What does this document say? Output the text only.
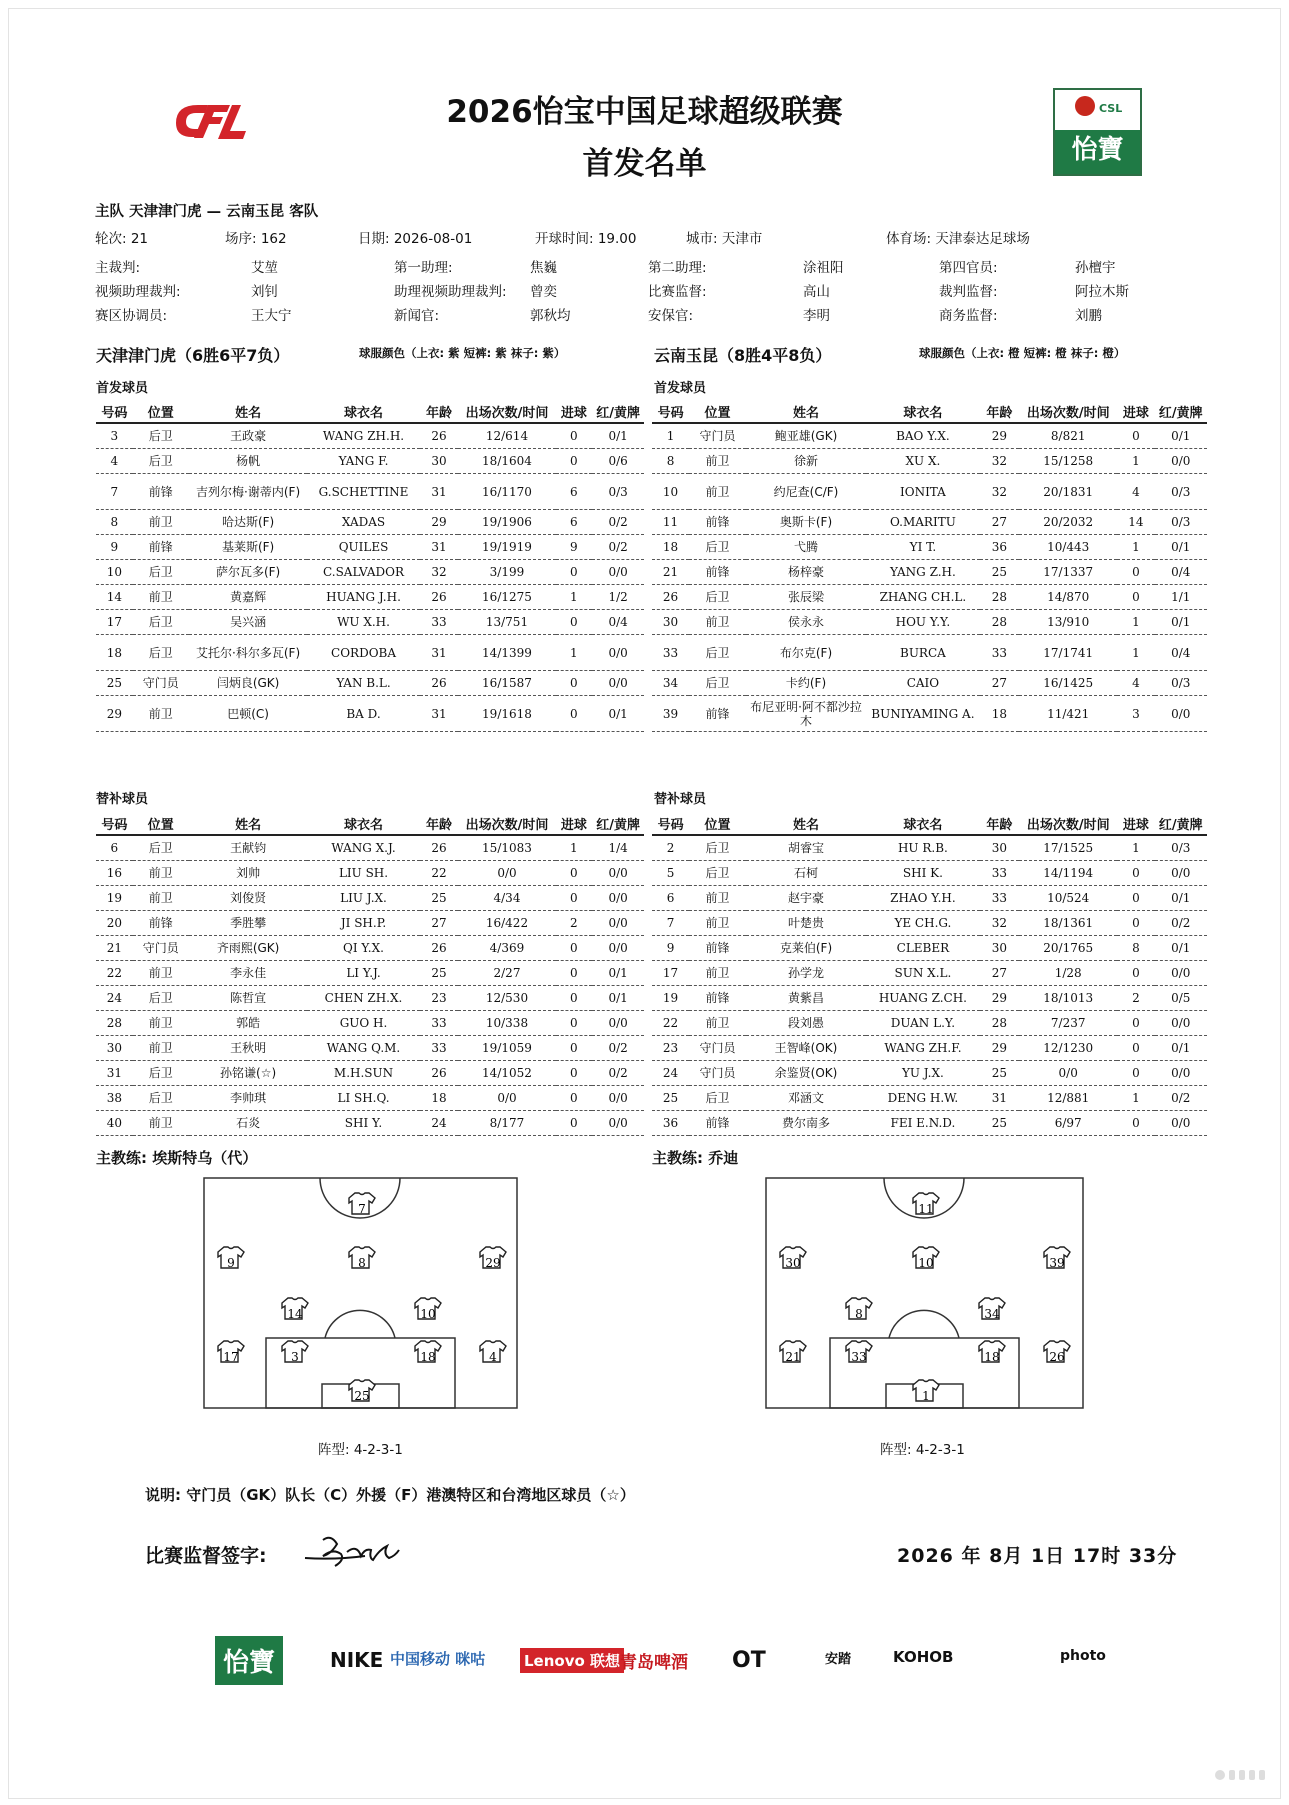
CSL
怡寶
2026怡宝中国足球超级联赛
首发名单
主队 天津津门虎 — 云南玉昆 客队
轮次: 21	场序: 162	日期: 2026-08-01	开球时间: 19.00	城市: 天津市	体育场: 天津泰达足球场
主裁判:	艾堃	第一助理:	焦巍	第二助理:	涂祖阳	第四官员:	孙檀宇
视频助理裁判:	刘钊	助理视频助理裁判: 曾奕	比赛监督:	高山	裁判监督:	阿拉木斯
赛区协调员:	王大宁	新闻官:	郭秋均	安保官:	李明	商务监督:	刘鹏
天津津门虎（6胜6平7负）	球服颜色（上衣: 紫 短裤: 紫 袜子: 紫）
首发球员
云南玉昆（8胜4平8负）	球服颜色（上衣: 橙 短裤: 橙 袜子: 橙）
首发球员
号码	位置	姓名	球衣名	年龄	出场次数/时间	进球	红/黄牌
3	后卫	王政豪	WANG ZH.H.	26	12/614	0	0/1
4	后卫	杨帆	YANG F.	30	18/1604	0	0/6
7	前锋	吉列尔梅·谢蒂内(F)	G.SCHETTINE	31	16/1170	6	0/3
8	前卫	哈达斯(F)	XADAS	29	19/1906	6	0/2
9	前锋	基莱斯(F)	QUILES	31	19/1919	9	0/2
10	后卫	萨尔瓦多(F)	C.SALVADOR	32	3/199	0	0/0
14	前卫	黄嘉辉	HUANG J.H.	26	16/1275	1	1/2
17	后卫	吴兴涵	WU X.H.	33	13/751	0	0/4
18	后卫	艾托尔·科尔多瓦(F)	CORDOBA	31	14/1399	1	0/0
25	守门员	闫炳良(GK)	YAN B.L.	26	16/1587	0	0/0
29	前卫	巴顿(C)	BA D.	31	19/1618	0	0/1
号码	位置	姓名	球衣名	年龄	出场次数/时间	进球	红/黄牌
1	守门员	鲍亚雄(GK)	BAO Y.X.	29	8/821	0	0/1
8	前卫	徐新	XU X.	32	15/1258	1	0/0
10	前卫	约尼查(C/F)	IONITA	32	20/1831	4	0/3
11	前锋	奥斯卡(F)	O.MARITU	27	20/2032	14	0/3
18	后卫	弋腾	YI T.	36	10/443	1	0/1
21	前锋	杨梓豪	YANG Z.H.	25	17/1337	0	0/4
26	后卫	张辰梁	ZHANG CH.L.	28	14/870	0	1/1
30	前卫	侯永永	HOU Y.Y.	28	13/910	1	0/1
33	后卫	布尔克(F)	BURCA	33	17/1741	1	0/4
34	后卫	卡约(F)	CAIO	27	16/1425	4	0/3
39	前锋	布尼亚明·阿不都沙拉木	BUNIYAMING A.	18	11/421	3	0/0
替补球员	替补球员
号码	位置	姓名	球衣名	年龄	出场次数/时间	进球	红/黄牌
6	后卫	王献钧	WANG X.J.	26	15/1083	1	1/4
16	前卫	刘帅	LIU SH.	22	0/0	0	0/0
19	前卫	刘俊贤	LIU J.X.	25	4/34	0	0/0
20	前锋	季胜攀	JI SH.P.	27	16/422	2	0/0
21	守门员	齐雨熙(GK)	QI Y.X.	26	4/369	0	0/0
22	前卫	李永佳	LI Y.J.	25	2/27	0	0/1
24	后卫	陈哲宣	CHEN ZH.X.	23	12/530	0	0/1
28	前卫	郭皓	GUO H.	33	10/338	0	0/0
30	前卫	王秋明	WANG Q.M.	33	19/1059	0	0/2
31	后卫	孙铭谦(☆)	M.H.SUN	26	14/1052	0	0/2
38	后卫	李帅琪	LI SH.Q.	18	0/0	0	0/0
40	前卫	石炎	SHI Y.	24	8/177	0	0/0
号码	位置	姓名	球衣名	年龄	出场次数/时间	进球	红/黄牌
2	后卫	胡睿宝	HU R.B.	30	17/1525	1	0/3
5	后卫	石柯	SHI K.	33	14/1194	0	0/0
6	前卫	赵宇豪	ZHAO Y.H.	33	10/524	0	0/1
7	前卫	叶楚贵	YE CH.G.	32	18/1361	0	0/2
9	前锋	克莱伯(F)	CLEBER	30	20/1765	8	0/1
17	前卫	孙学龙	SUN X.L.	27	1/28	0	0/0
19	前锋	黄紫昌	HUANG Z.CH.	29	18/1013	2	0/5
22	前卫	段刘愚	DUAN L.Y.	28	7/237	0	0/0
23	守门员	王智峰(OK)	WANG ZH.F.	29	12/1230	0	0/1
24	守门员	余鉴贤(OK)	YU J.X.	25	0/0	0	0/0
25	后卫	邓涵文	DENG H.W.	31	12/881	1	0/2
36	前锋	费尔南多	FEI E.N.D.	25	6/97	0	0/0
主教练: 埃斯特乌（代）	主教练: 乔迪
7
9	8	29
14	10
17	3	18	4
25
11
30	10	39
8	34
21	33	18	26
1
阵型: 4-2-3-1	阵型: 4-2-3-1
说明: 守门员（GK）队长（C）外援（F）港澳特区和台湾地区球员（☆）
比赛监督签字:	2026 年 8月 1日 17时 33分
怡寶	NIKE 中国移动 咪咕	Lenovo 联想 青岛啤酒 OT	安踏	KOHOB	photo
